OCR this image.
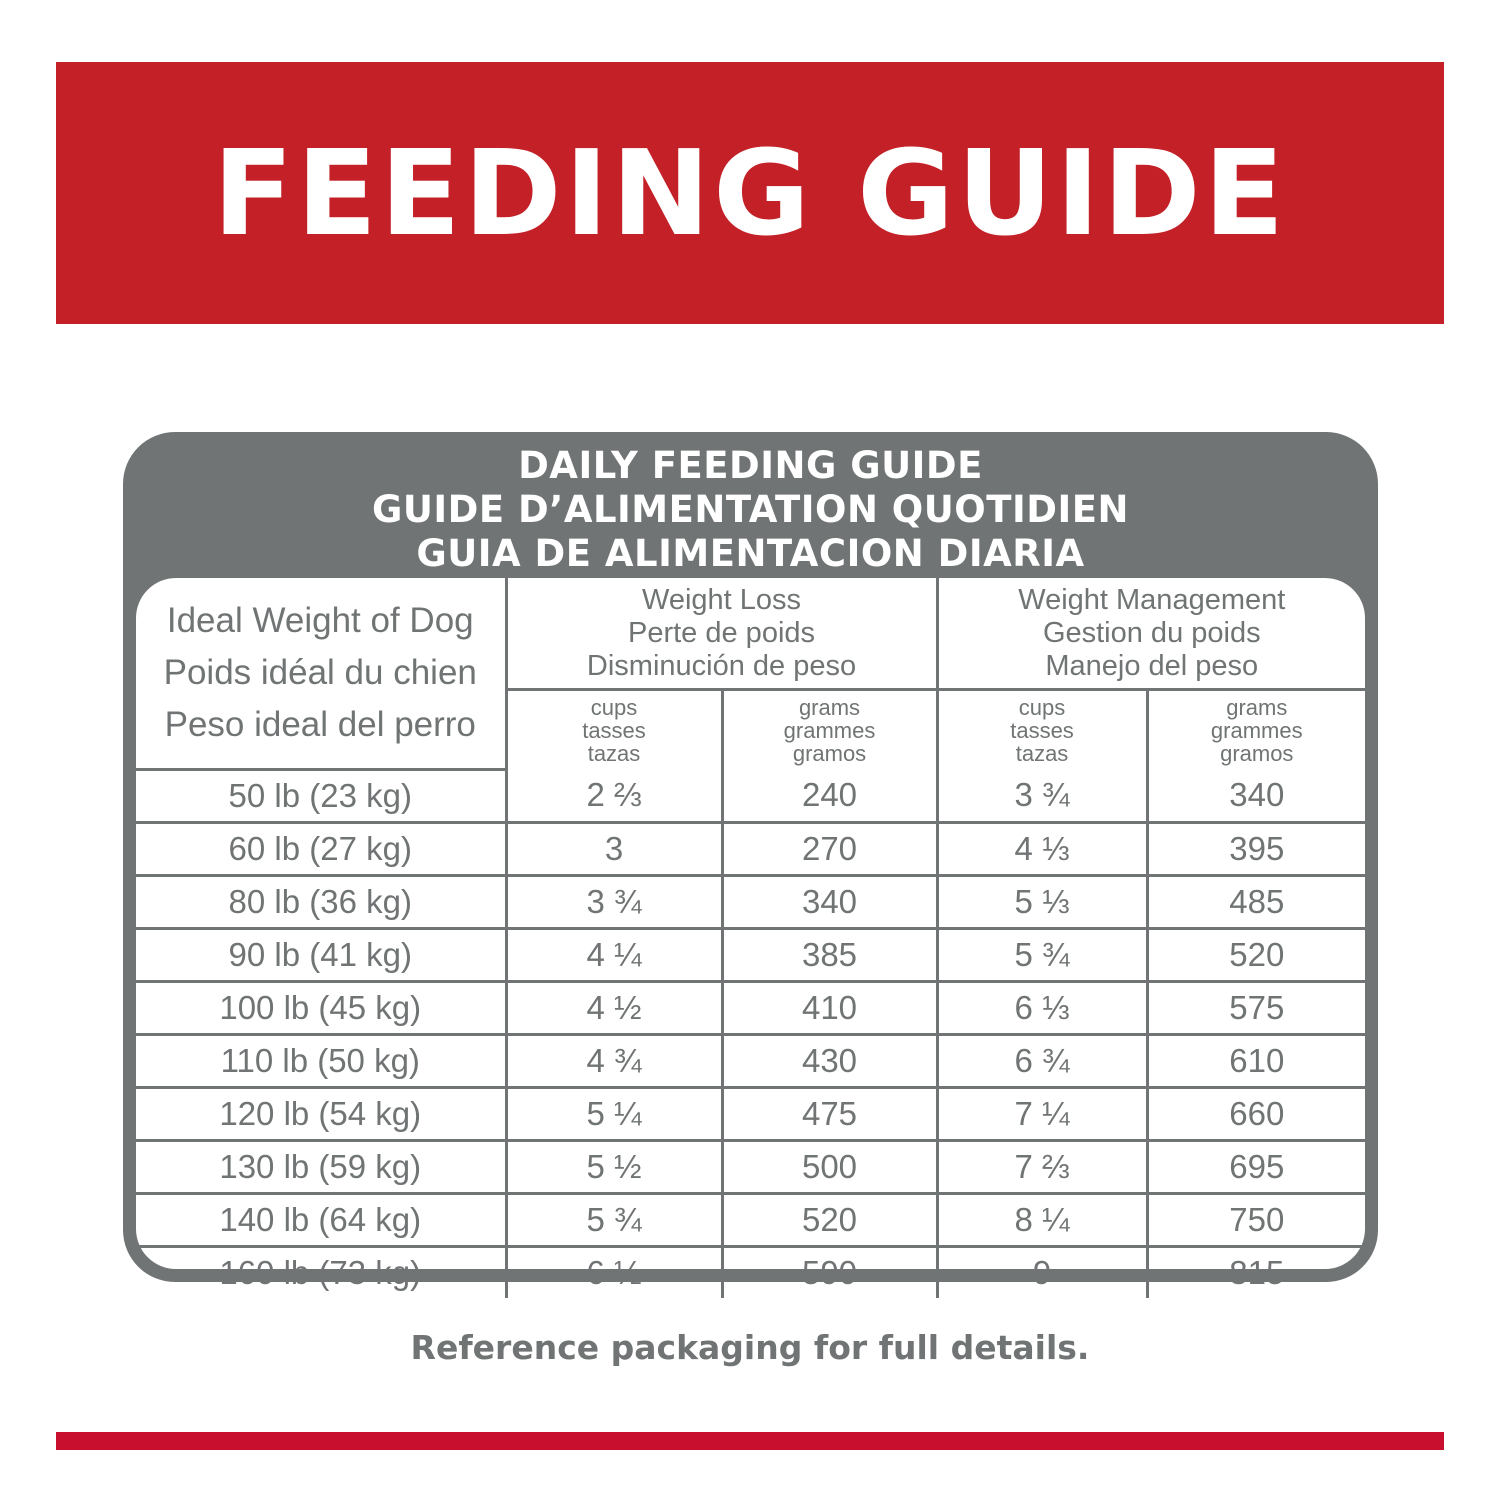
FEEDING GUIDE
DAILY FEEDING GUIDE
GUIDE D’ALIMENTATION QUOTIDIEN
GUIA DE ALIMENTACION DIARIA
Ideal Weight of Dog
Poids idéal du chien
Peso ideal del perro	Weight Loss
Perte de poids
Disminución de peso		Weight Management
Gestion du poids
Manejo del peso	

	cups
tasses
tazas	grams
grammes
gramos	cups
tasses
tazas	grams
grammes
gramos

50 lb (23 kg)	2 ⅔	240	3 ¾	340
60 lb (27 kg)	3	270	4 ⅓	395
80 lb (36 kg)	3 ¾	340	5 ⅓	485
90 lb (41 kg)	4 ¼	385	5 ¾	520
100 lb (45 kg)	4 ½	410	6 ⅓	575
110 lb (50 kg)	4 ¾	430	6 ¾	610
120 lb (54 kg)	5 ¼	475	7 ¼	660
130 lb (59 kg)	5 ½	500	7 ⅔	695
140 lb (64 kg)	5 ¾	520	8 ¼	750
160 lb (73 kg)	6 ½	590	9	815
Reference packaging for full details.
